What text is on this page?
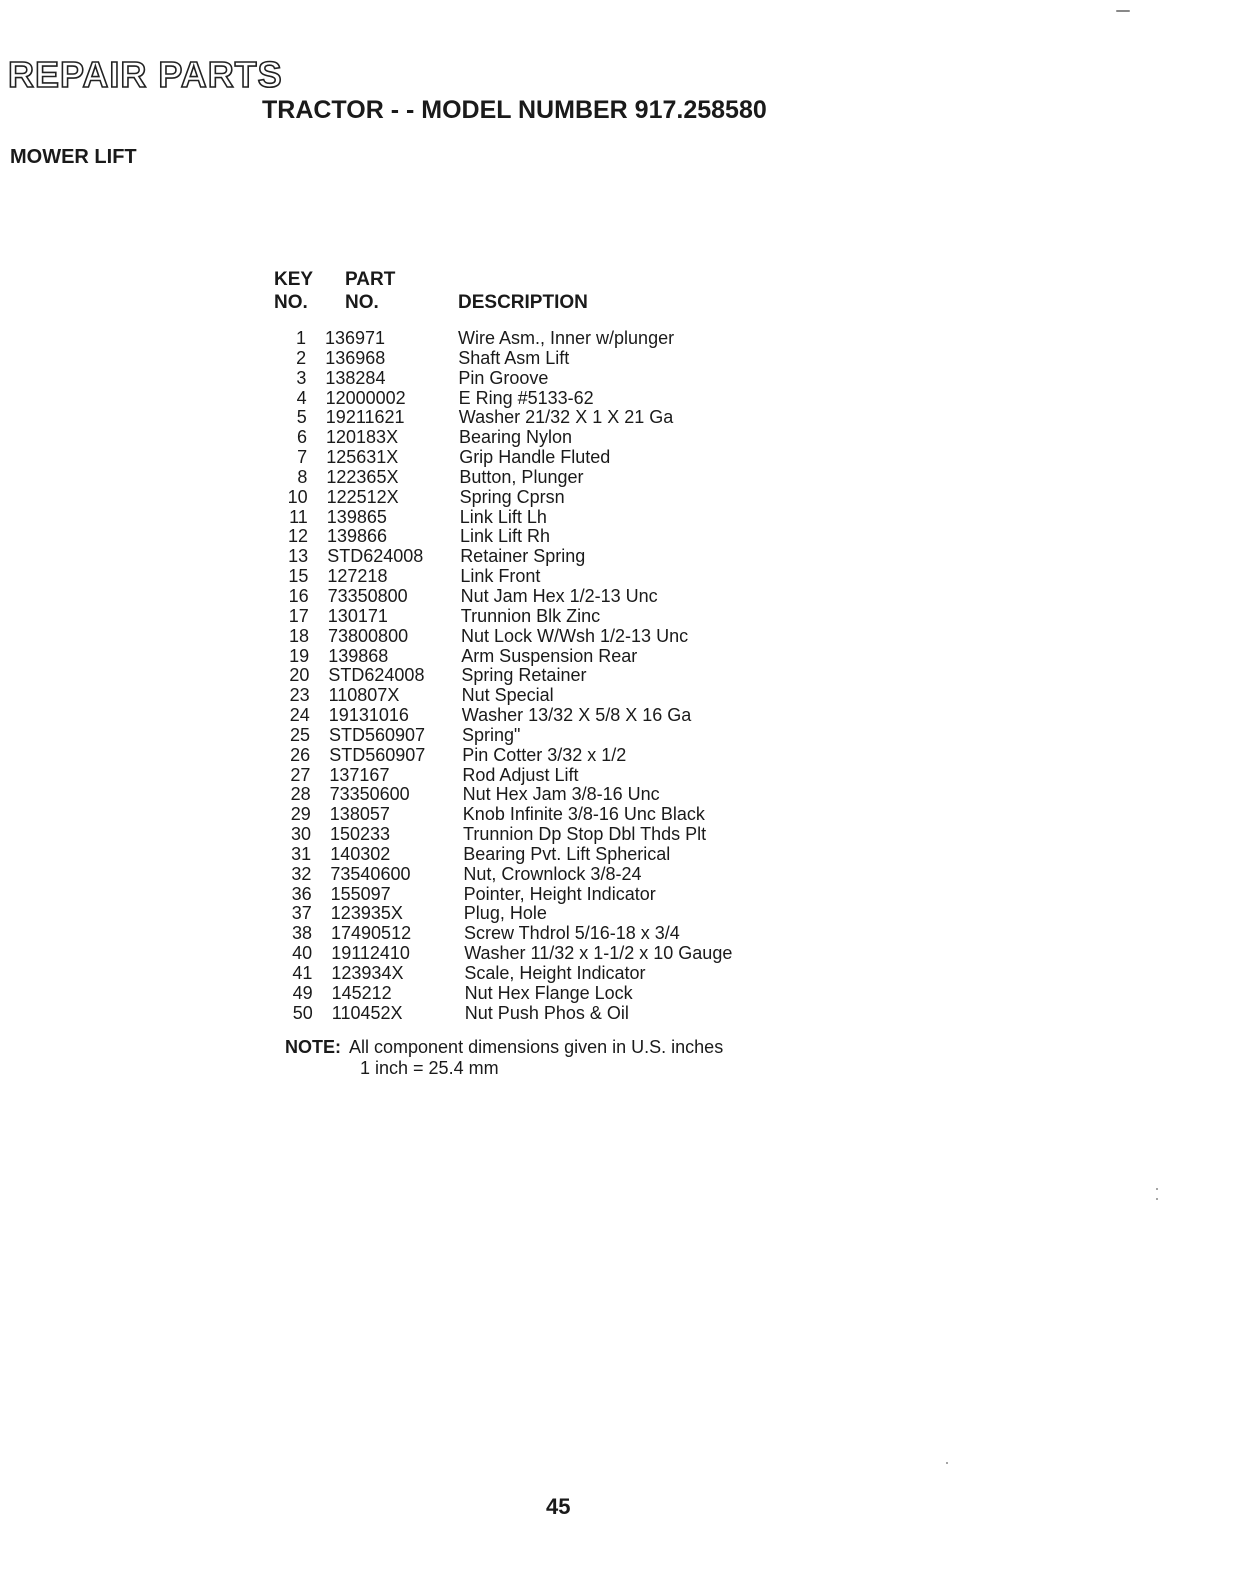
REPAIR PARTS
TRACTOR - - MODEL NUMBER 917.258580
MOWER LIFT
KEY
NO.
PART
NO.	DESCRIPTION
1 136971	Wire Asm., Inner w/plunger
2 136968	Shaft Asm Lift
3 138284	Pin Groove
4 12000002	E Ring #5133-62
5 19211621	Washer 21/32 X 1 X 21 Ga
6 120183X	Bearing Nylon
7 125631X	Grip Handle Fluted
8 122365X	Button, Plunger
10 122512X	Spring Cprsn
11 139865	Link Lift Lh
12 139866	Link Lift Rh
13 STD624008 Retainer Spring
15 127218	Link Front
16 73350800	Nut Jam Hex 1/2-13 Unc
17 130171	Trunnion Blk Zinc
18 73800800	Nut Lock W/Wsh 1/2-13 Unc
19 139868	Arm Suspension Rear
20 STD624008 Spring Retainer
23 110807X	Nut Special
24 19131016	Washer 13/32 X 5/8 X 16 Ga
25 STD560907 Spring"
26 STD560907 Pin Cotter 3/32 x 1/2
27 137167	Rod Adjust Lift
28 73350600	Nut Hex Jam 3/8-16 Unc
29 138057	Knob Infinite 3/8-16 Unc Black
30 150233	Trunnion Dp Stop Dbl Thds Plt
31 140302	Bearing Pvt. Lift Spherical
32 73540600	Nut, Crownlock 3/8-24
36 155097	Pointer, Height Indicator
37 123935X	Plug, Hole
38 17490512	Screw Thdrol 5/16-18 x 3/4
40 19112410	Washer 11/32 x 1-1/2 x 10 Gauge
41 123934X	Scale, Height Indicator
49 145212	Nut Hex Flange Lock
50 110452X	Nut Push Phos & Oil
NOTE: All component dimensions given in U.S. inches
1 inch = 25.4 mm
45
